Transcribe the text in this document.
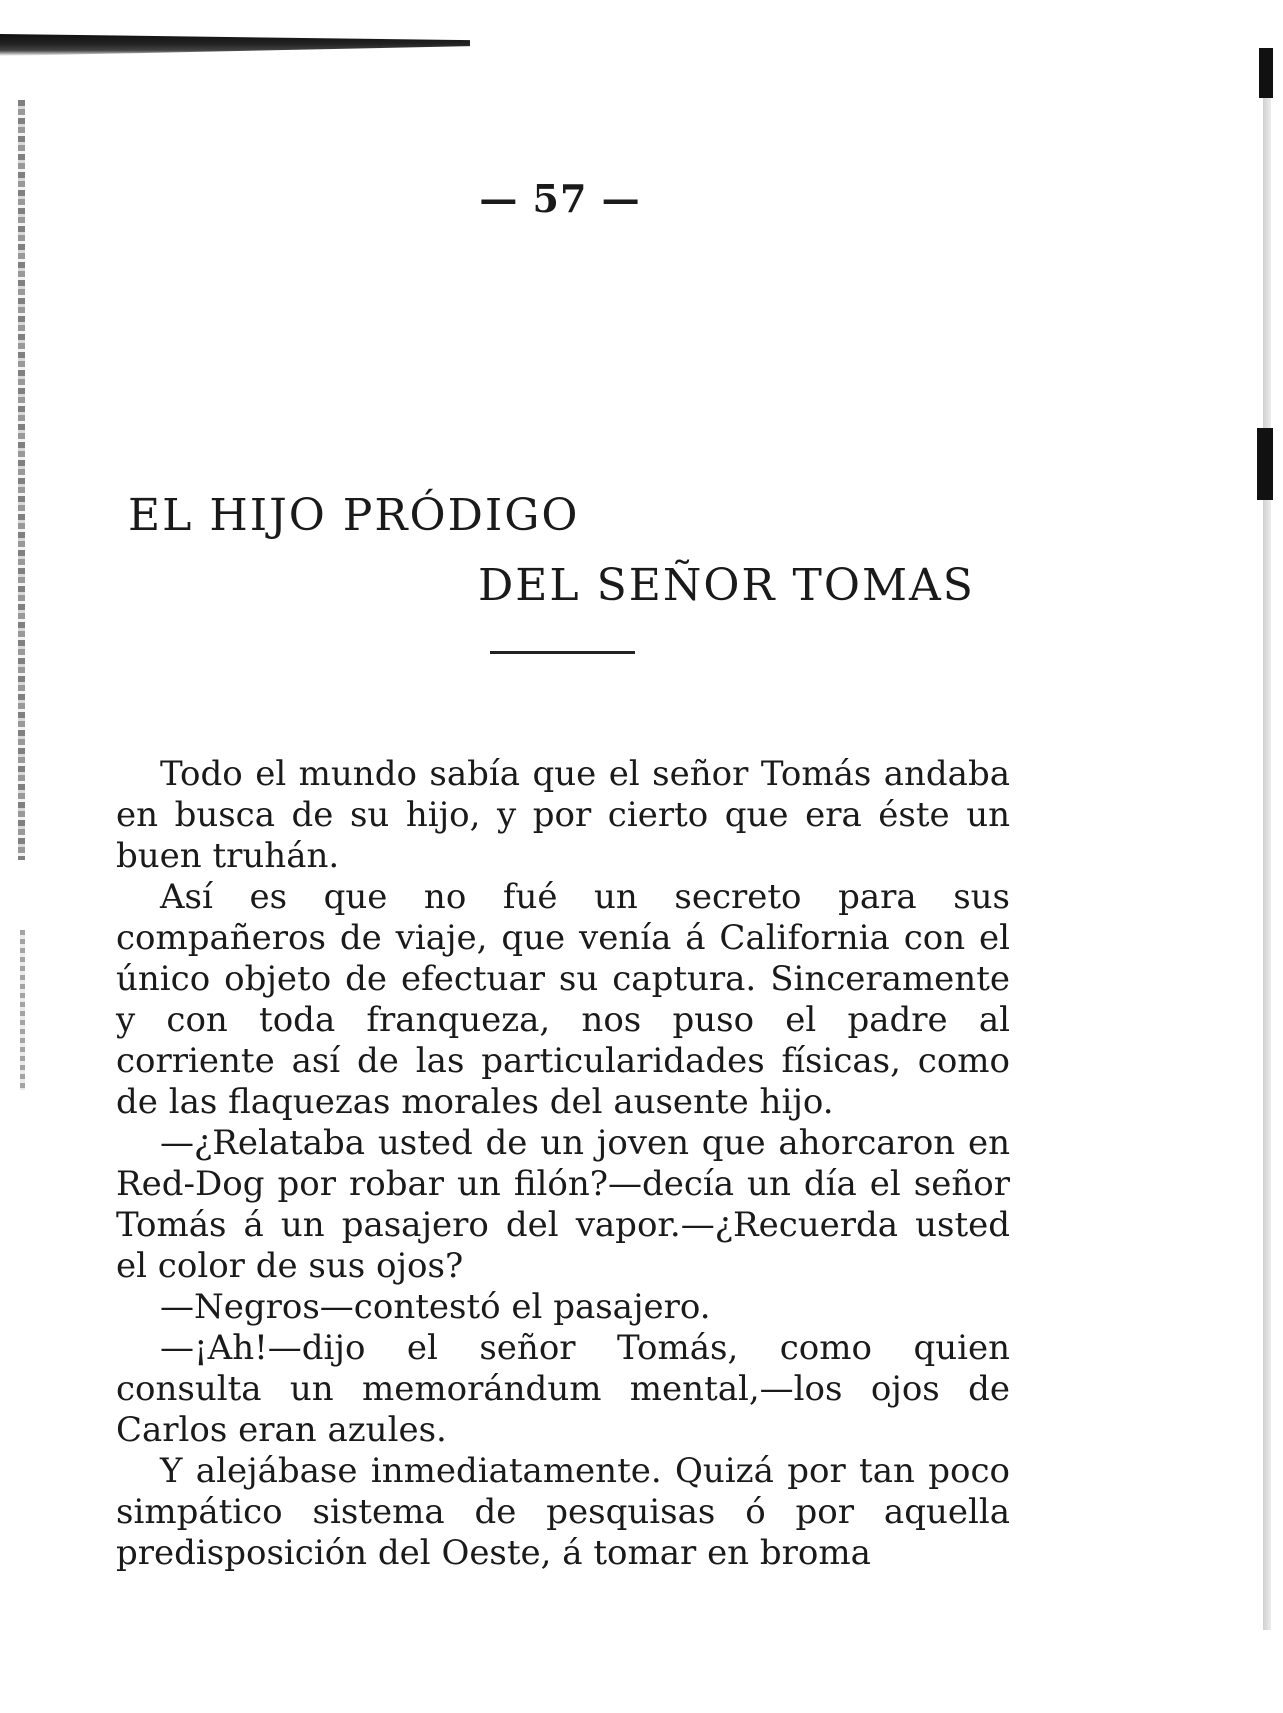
— 57 —
EL HIJO PRÓDIGO
DEL SEÑOR TOMAS

Todo el mundo sabía que el señor Tomás andaba en busca de su hijo, y por cierto que era éste un buen truhán.

Así es que no fué un secreto para sus compañeros de viaje, que venía á California con el único objeto de efectuar su captura. Sinceramente y con toda franqueza, nos puso el padre al corriente así de las particularidades físicas, como de las flaquezas morales del ausente hijo.

—¿Relataba usted de un joven que ahorcaron en Red-Dog por robar un filón?—decía un día el señor Tomás á un pasajero del vapor.—¿Recuerda usted el color de sus ojos?

—Negros—contestó el pasajero.

—¡Ah!—dijo el señor Tomás, como quien consulta un memorándum mental,—los ojos de Carlos eran azules.

Y alejábase inmediatamente. Quizá por tan poco simpático sistema de pesquisas ó por aquella predisposición del Oeste, á tomar en broma
